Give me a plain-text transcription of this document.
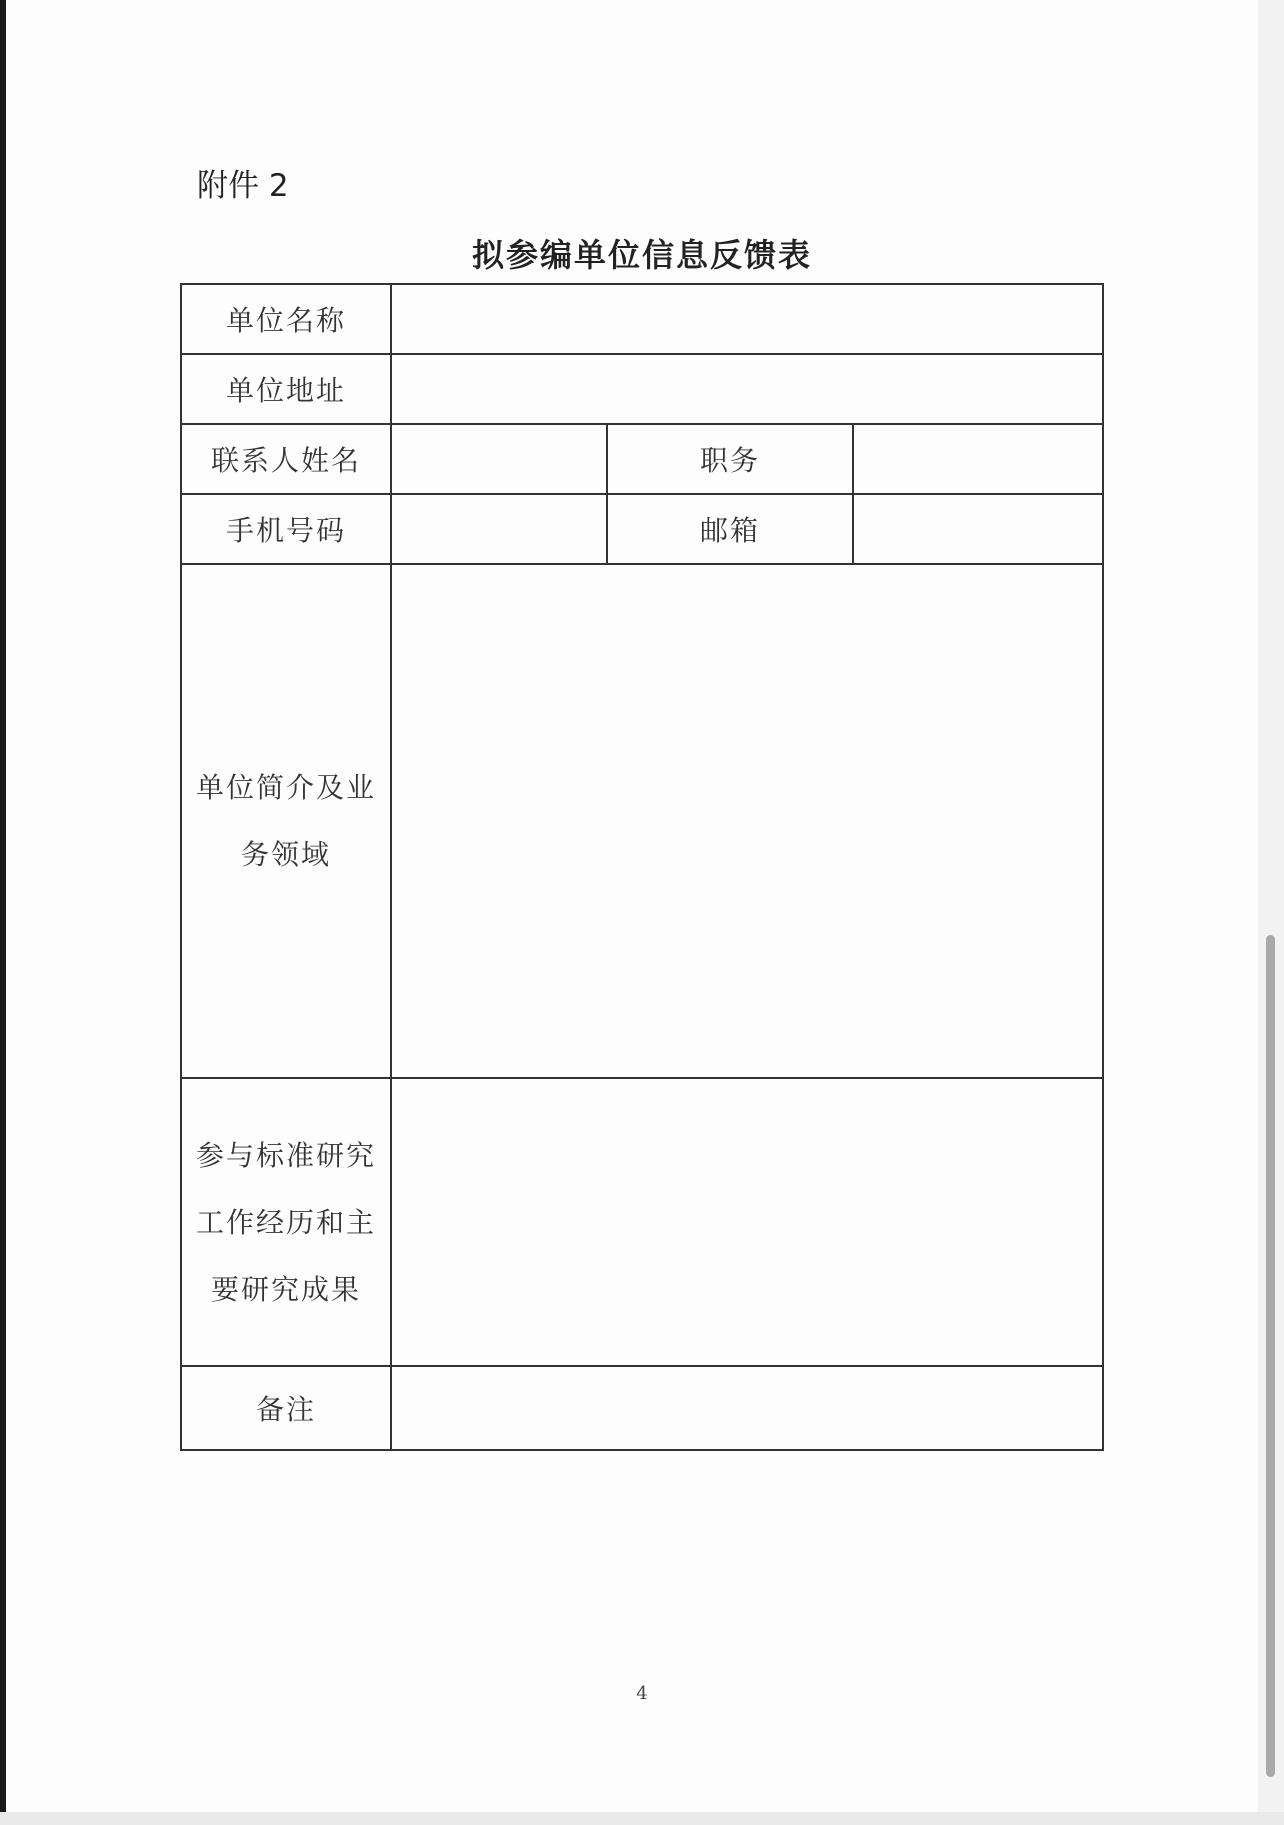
附件 2
拟参编单位信息反馈表
单位名称			
单位地址			
联系人姓名		职务	
手机号码		邮箱	

单位简介及业
务领域			

参与标准研究
工作经历和主
要研究成果			

备注			
4
